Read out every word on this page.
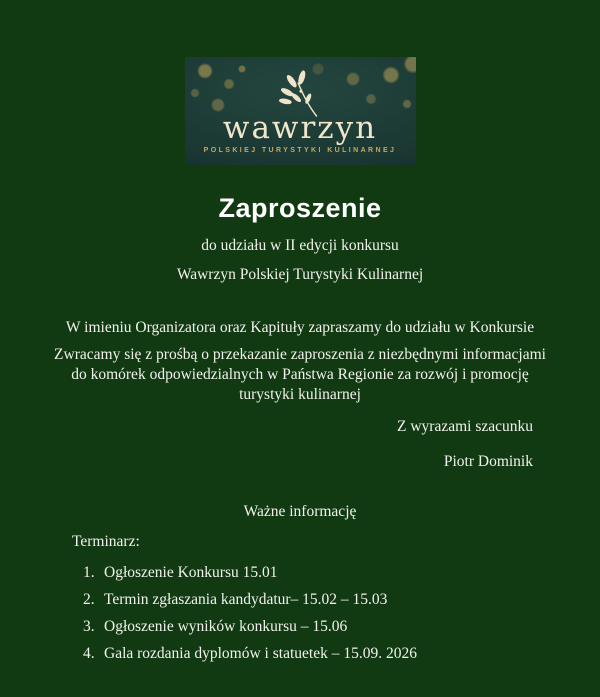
wawrzyn
POLSKIEJ TURYSTYKI KULINARNEJ
Zaproszenie
do udziału w II edycji konkursu
Wawrzyn Polskiej Turystyki Kulinarnej
W imieniu Organizatora oraz Kapituły zapraszamy do udziału w Konkursie
Zwracamy się z prośbą o przekazanie zaproszenia z niezbędnymi informacjami
do komórek odpowiedzialnych w Państwa Regionie za rozwój i promocję
turystyki kulinarnej
Z wyrazami szacunku
Piotr Dominik
Ważne informację
Terminarz:
1. Ogłoszenie Konkursu 15.01
2. Termin zgłaszania kandydatur– 15.02 – 15.03
3. Ogłoszenie wyników konkursu – 15.06
4. Gala rozdania dyplomów i statuetek – 15.09. 2026
